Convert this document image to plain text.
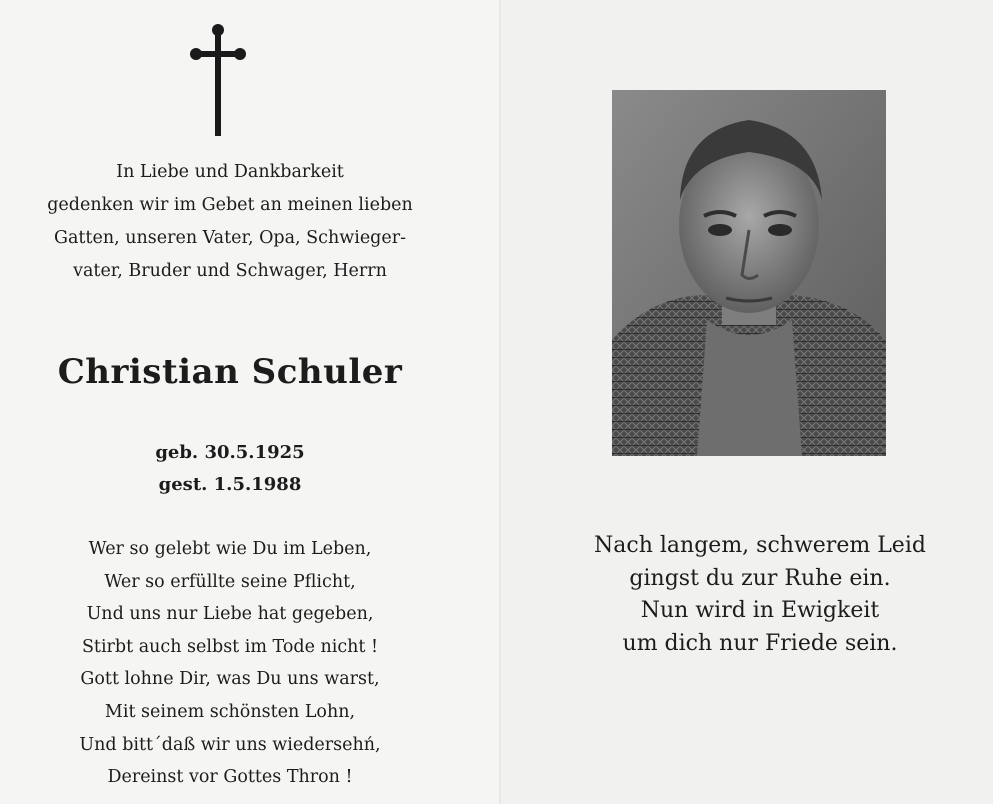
In Liebe und Dankbarkeit
gedenken wir im Gebet an meinen lieben
Gatten, unseren Vater, Opa, Schwieger-
vater, Bruder und Schwager, Herrn
Christian Schuler
geb. 30.5.1925
gest. 1.5.1988
Wer so gelebt wie Du im Leben,
Wer so erfüllte seine Pflicht,
Und uns nur Liebe hat gegeben,
Stirbt auch selbst im Tode nicht !
Gott lohne Dir, was Du uns warst,
Mit seinem schönsten Lohn,
Und bitt´daß wir uns wiedersehń,
Dereinst vor Gottes Thron !
Nach langem, schwerem Leid
gingst du zur Ruhe ein.
Nun wird in Ewigkeit
um dich nur Friede sein.
